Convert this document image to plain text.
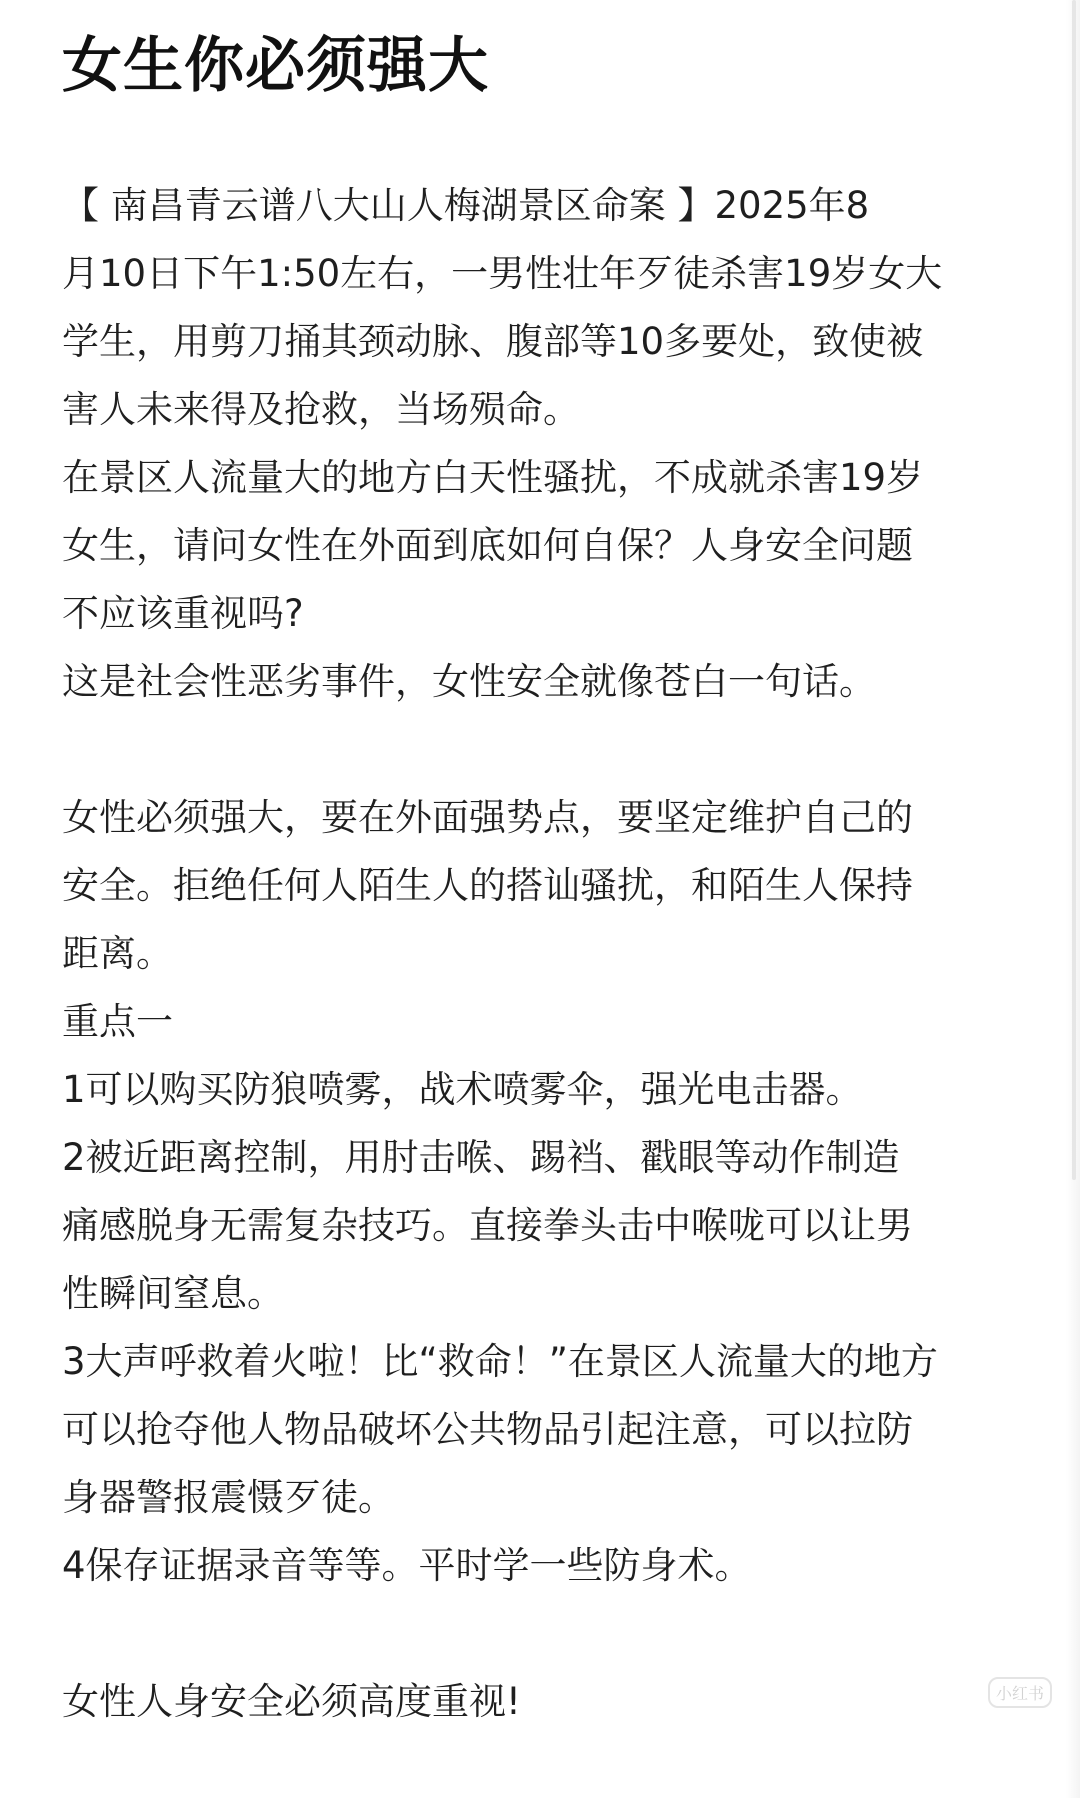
女生你必须强大
【 南昌青云谱八大山人梅湖景区命案 】2025年8
月10日下午1:50左右，一男性壮年歹徒杀害19岁女大
学生，用剪刀捅其颈动脉、腹部等10多要处，致使被
害人未来得及抢救，当场殒命。
在景区人流量大的地方白天性骚扰，不成就杀害19岁
女生，请问女性在外面到底如何自保？人身安全问题
不应该重视吗?
这是社会性恶劣事件，女性安全就像苍白一句话。
女性必须强大，要在外面强势点，要坚定维护自己的
安全。拒绝任何人陌生人的搭讪骚扰，和陌生人保持
距离。
重点一
1可以购买防狼喷雾，战术喷雾伞，强光电击器。
2被近距离控制，用肘击喉、踢裆、戳眼等动作制造
痛感脱身无需复杂技巧。直接拳头击中喉咙可以让男
性瞬间窒息。
3大声呼救着火啦！比“救命！”在景区人流量大的地方
可以抢夺他人物品破坏公共物品引起注意，可以拉防
身器警报震慑歹徒。
4保存证据录音等等。平时学一些防身术。
女性人身安全必须高度重视!	小红书
